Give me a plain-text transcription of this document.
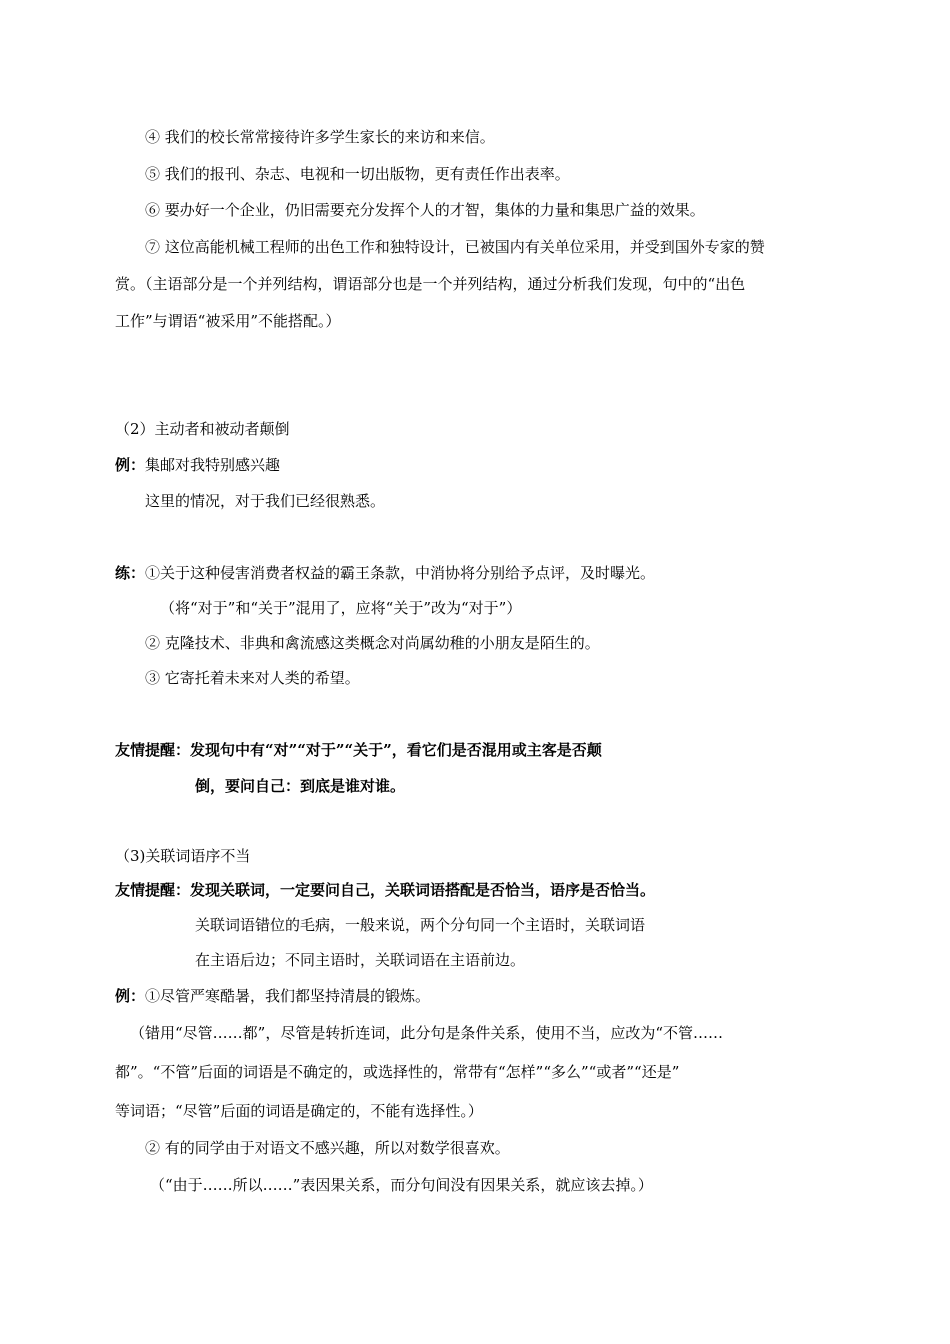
④ 我们的校长常常接待许多学生家长的来访和来信。
⑤ 我们的报刊、杂志、电视和一切出版物，更有责任作出表率。
⑥ 要办好一个企业，仍旧需要充分发挥个人的才智，集体的力量和集思广益的效果。
⑦ 这位高能机械工程师的出色工作和独特设计，已被国内有关单位采用，并受到国外专家的赞
赏。（主语部分是一个并列结构，谓语部分也是一个并列结构，通过分析我们发现，句中的“出色
工作”与谓语“被采用”不能搭配。）
（2）主动者和被动者颠倒
例：集邮对我特别感兴趣
这里的情况，对于我们已经很熟悉。
练：①关于这种侵害消费者权益的霸王条款，中消协将分别给予点评，及时曝光。
（将“对于”和“关于”混用了，应将“关于”改为“对于”）
② 克隆技术、非典和禽流感这类概念对尚属幼稚的小朋友是陌生的。
③ 它寄托着未来对人类的希望。
友情提醒：发现句中有“对”“对于”“关于”，看它们是否混用或主客是否颠
倒，要问自己：到底是谁对谁。
（3)关联词语序不当
友情提醒：发现关联词，一定要问自己，关联词语搭配是否恰当，语序是否恰当。
关联词语错位的毛病，一般来说，两个分句同一个主语时，关联词语
在主语后边；不同主语时，关联词语在主语前边。
例：①尽管严寒酷暑，我们都坚持清晨的锻炼。
（错用“尽管……都”，尽管是转折连词，此分句是条件关系，使用不当，应改为“不管……
都”。“不管”后面的词语是不确定的，或选择性的，常带有“怎样”“多么”“或者”“还是”
等词语；“尽管”后面的词语是确定的，不能有选择性。）
② 有的同学由于对语文不感兴趣，所以对数学很喜欢。
（“由于……所以……”表因果关系，而分句间没有因果关系，就应该去掉。）
